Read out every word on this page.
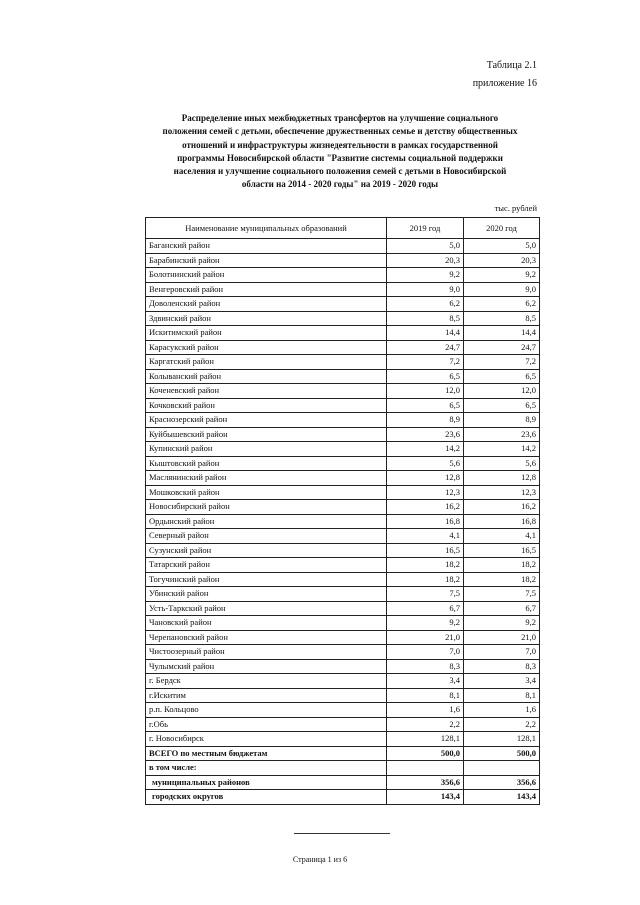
Таблица 2.1
приложение 16
Распределение иных межбюджетных трансфертов на улучшение социального
положения семей с детьми, обеспечение дружественных семье и детству общественных
отношений и инфраструктуры жизнедеятельности в рамках государственной
программы Новосибирской области "Развитие системы социальной поддержки
населения и улучшение социального положения семей с детьми в Новосибирской
области на 2014 - 2020 годы" на 2019 - 2020 годы
тыс. рублей
Наименование муниципальных образований	2019 год	2020 год
Баганский район	5,0	5,0
Барабинский район	20,3	20,3
Болотнинский район	9,2	9,2
Венгеровский район	9,0	9,0
Доволенский район	6,2	6,2
Здвинский район	8,5	8,5
Искитимский район	14,4	14,4
Карасукский район	24,7	24,7
Каргатский район	7,2	7,2
Колыванский район	6,5	6,5
Коченевский район	12,0	12,0
Кочковский район	6,5	6,5
Краснозерский район	8,9	8,9
Куйбышевский район	23,6	23,6
Купинский район	14,2	14,2
Кыштовский район	5,6	5,6
Маслянинский район	12,8	12,8
Мошковский район	12,3	12,3
Новосибирский район	16,2	16,2
Ордынский район	16,8	16,8
Северный район	4,1	4,1
Сузунский район	16,5	16,5
Татарский район	18,2	18,2
Тогучинский район	18,2	18,2
Убинский район	7,5	7,5
Усть-Таркский район	6,7	6,7
Чановский район	9,2	9,2
Черепановский район	21,0	21,0
Чистоозерный район	7,0	7,0
Чулымский район	8,3	8,3
г. Бердск	3,4	3,4
г.Искитим	8,1	8,1
р.п. Кольцово	1,6	1,6
г.Обь	2,2	2,2
г. Новосибирск	128,1	128,1
ВСЕГО по местным бюджетам	500,0	500,0
в том числе:		
муниципальных районов	356,6	356,6
городских округов	143,4	143,4
Страница 1 из 6
